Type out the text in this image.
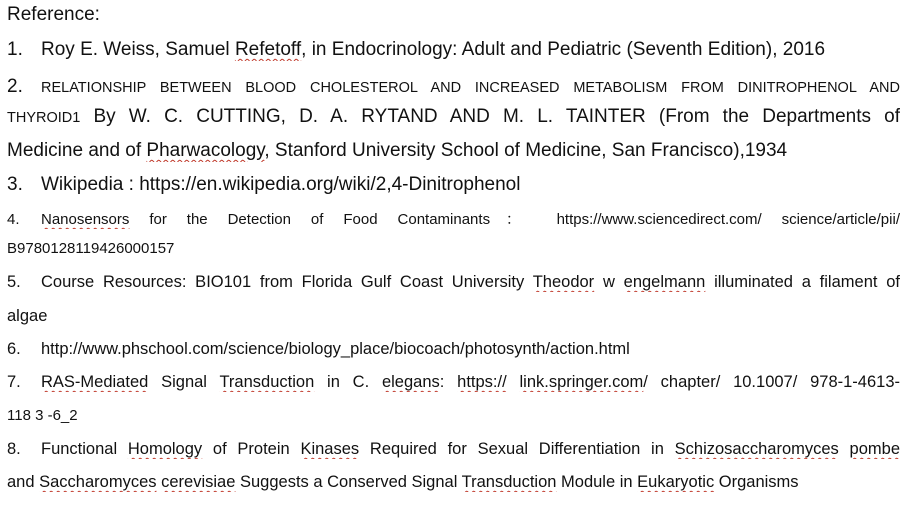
Reference:
1. Roy E. Weiss, Samuel Refetoff, in Endocrinology: Adult and Pediatric (Seventh Edition), 2016
2. RELATIONSHIP BETWEEN BLOOD CHOLESTEROL AND INCREASED METABOLISM FROM DINITROPHENOL AND
THYROID1 By W. C. CUTTING, D. A. RYTAND AND M. L. TAINTER (From the Departments of
Medicine and of Pharwacology, Stanford University School of Medicine, San Francisco),1934
3. Wikipedia : https://en.wikipedia.org/wiki/2,4-Dinitrophenol
4. Nanosensors for the Detection of Food Contaminants： https://www.sciencedirect.com/ science/article/pii/
B9780128119426000157
5. Course Resources: BIO101 from Florida Gulf Coast University Theodor w engelmann illuminated a filament of
algae
6. http://www.phschool.com/science/biology_place/biocoach/photosynth/action.html
7. RAS-Mediated Signal Transduction in C. elegans: https:// link.springer.com/ chapter/ 10.1007/ 978-1-4613-
118 3 -6_2
8. Functional Homology of Protein Kinases Required for Sexual Differentiation in Schizosaccharomyces pombe
and Saccharomyces cerevisiae Suggests a Conserved Signal Transduction Module in Eukaryotic Organisms
